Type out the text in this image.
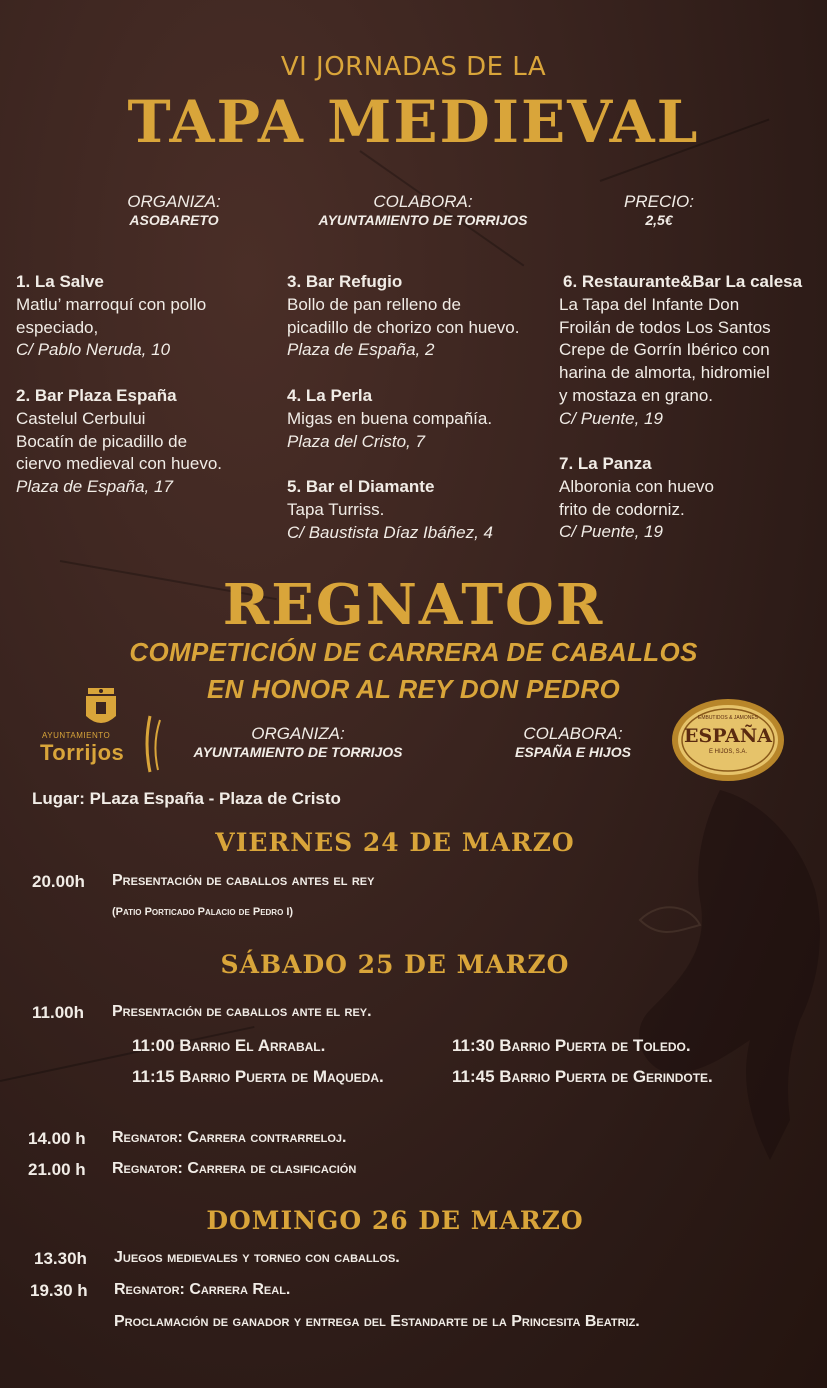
VI JORNADAS DE LA
TAPA MEDIEVAL
ORGANIZA:
ASOBARETO
COLABORA:
AYUNTAMIENTO DE TORRIJOS
PRECIO:
2,5€
1. La Salve
Matlu’ marroquí con pollo
especiado,
C/ Pablo Neruda, 10
2. Bar Plaza España
Castelul Cerbului
Bocatín de picadillo de
ciervo medieval con huevo.
Plaza de España, 17
3. Bar Refugio
Bollo de pan relleno de
picadillo de chorizo con huevo.
Plaza de España, 2
4. La Perla
Migas en buena compañía.
Plaza del Cristo, 7
5. Bar el Diamante
Tapa Turriss.
C/ Baustista Díaz Ibáñez, 4
6. Restaurante&Bar La calesa
La Tapa del Infante Don
Froilán de todos Los Santos
Crepe de Gorrín Ibérico con
harina de almorta, hidromiel
y mostaza en grano.
C/ Puente, 19
7. La Panza
Alboronia con huevo
frito de codorniz.
C/ Puente, 19
REGNATOR
COMPETICIÓN DE CARRERA DE CABALLOS
EN HONOR AL REY DON PEDRO
AYUNTAMIENTO
Torrijos
ORGANIZA:
AYUNTAMIENTO DE TORRIJOS
COLABORA:
ESPAÑA E HIJOS
EMBUTIDOS & JAMONES
ESPAÑA
E HIJOS, S.A.
Lugar: PLaza España - Plaza de Cristo
VIERNES 24 DE MARZO
20.00h Presentación de caballos antes el rey
(Patio Porticado Palacio de Pedro I)
SÁBADO 25 DE MARZO
11.00h Presentación de caballos ante el rey.
11:00 Barrio El Arrabal.
11:15 Barrio Puerta de Maqueda.
11:30 Barrio Puerta de Toledo.
11:45 Barrio Puerta de Gerindote.
14.00 h Regnator: Carrera contrarreloj.
21.00 h Regnator: Carrera de clasificación
DOMINGO 26 DE MARZO
13.30h Juegos medievales y torneo con caballos.
19.30 h Regnator: Carrera Real.
Proclamación de ganador y entrega del Estandarte de la Princesita Beatriz.
